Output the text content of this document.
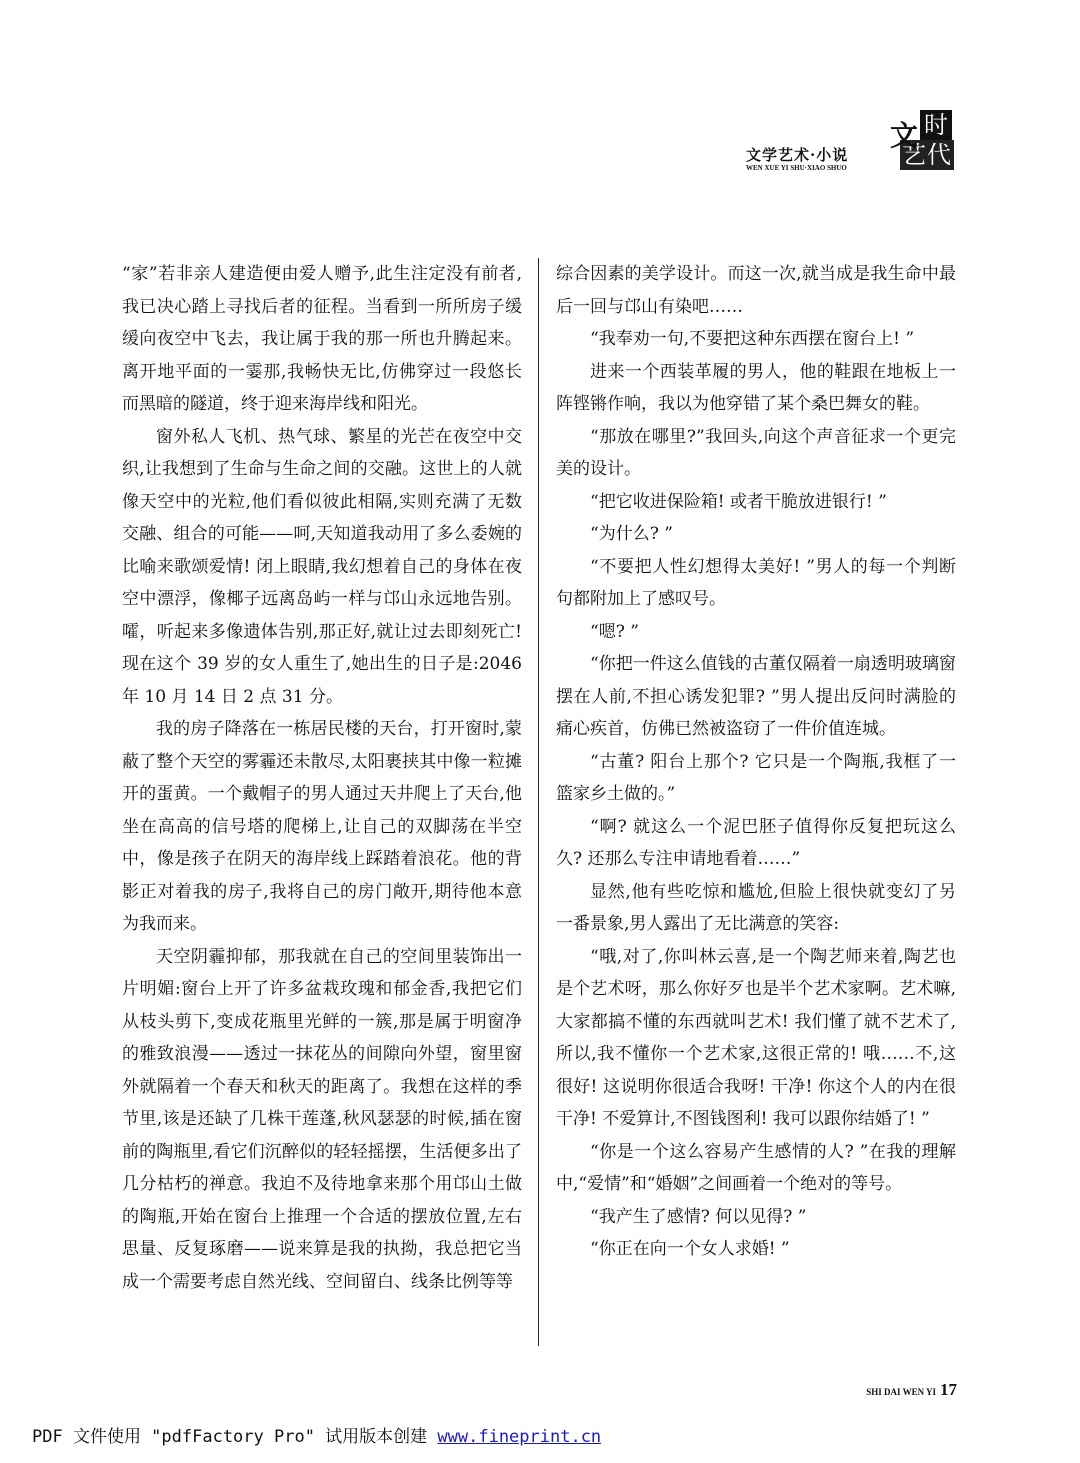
文学艺术·小说
WEN XUE YI SHU·XIAO SHUO
时
艺代
文

“家”若非亲人建造便由爱人赠予,此生注定没有前者,我已决心踏上寻找后者的征程。当看到一所所房子缓缓向夜空中飞去，我让属于我的那一所也升腾起来。离开地平面的一霎那,我畅快无比,仿佛穿过一段悠长而黑暗的隧道，终于迎来海岸线和阳光。

窗外私人飞机、热气球、繁星的光芒在夜空中交织,让我想到了生命与生命之间的交融。这世上的人就像天空中的光粒,他们看似彼此相隔,实则充满了无数交融、组合的可能——呵,天知道我动用了多么委婉的比喻来歌颂爱情! 闭上眼睛,我幻想着自己的身体在夜空中漂浮，像椰子远离岛屿一样与邙山永远地告别。嚯，听起来多像遗体告别,那正好,就让过去即刻死亡! 现在这个 39 岁的女人重生了,她出生的日子是:2046 年 10 月 14 日 2 点 31 分。

我的房子降落在一栋居民楼的天台，打开窗时,蒙蔽了整个天空的雾霾还未散尽,太阳裹挟其中像一粒摊开的蛋黄。一个戴帽子的男人通过天井爬上了天台,他坐在高高的信号塔的爬梯上,让自己的双脚荡在半空中，像是孩子在阴天的海岸线上踩踏着浪花。他的背影正对着我的房子,我将自己的房门敞开,期待他本意为我而来。

天空阴霾抑郁，那我就在自己的空间里装饰出一片明媚:窗台上开了许多盆栽玫瑰和郁金香,我把它们从枝头剪下,变成花瓶里光鲜的一簇,那是属于明窗净的雅致浪漫——透过一抹花丛的间隙向外望，窗里窗外就隔着一个春天和秋天的距离了。我想在这样的季节里,该是还缺了几株干莲蓬,秋风瑟瑟的时候,插在窗前的陶瓶里,看它们沉醉似的轻轻摇摆，生活便多出了几分枯朽的禅意。我迫不及待地拿来那个用邙山土做的陶瓶,开始在窗台上推理一个合适的摆放位置,左右思量、反复琢磨——说来算是我的执拗，我总把它当成一个需要考虑自然光线、空间留白、线条比例等等

综合因素的美学设计。而这一次,就当成是我生命中最后一回与邙山有染吧……

“我奉劝一句,不要把这种东西摆在窗台上! ”

进来一个西装革履的男人，他的鞋跟在地板上一阵铿锵作响，我以为他穿错了某个桑巴舞女的鞋。

“那放在哪里?”我回头,向这个声音征求一个更完美的设计。

“把它收进保险箱! 或者干脆放进银行! ”

“为什么? ”

“不要把人性幻想得太美好! ”男人的每一个判断句都附加上了感叹号。

“嗯? ”

“你把一件这么值钱的古董仅隔着一扇透明玻璃窗摆在人前,不担心诱发犯罪? ”男人提出反问时满脸的痛心疾首，仿佛已然被盗窃了一件价值连城。

“古董? 阳台上那个? 它只是一个陶瓶,我框了一篮家乡土做的。”

“啊? 就这么一个泥巴胚子值得你反复把玩这么久? 还那么专注申请地看着……”

显然,他有些吃惊和尴尬,但脸上很快就变幻了另一番景象,男人露出了无比满意的笑容:

“哦,对了,你叫林云喜,是一个陶艺师来着,陶艺也是个艺术呀，那么你好歹也是半个艺术家啊。艺术嘛,大家都搞不懂的东西就叫艺术! 我们懂了就不艺术了,所以,我不懂你一个艺术家,这很正常的! 哦……不,这很好! 这说明你很适合我呀! 干净! 你这个人的内在很干净! 不爱算计,不图钱图利! 我可以跟你结婚了! ”

“你是一个这么容易产生感情的人? ”在我的理解中,“爱情”和“婚姻”之间画着一个绝对的等号。

“我产生了感情? 何以见得? ”

“你正在向一个女人求婚! ”

SHI DAI WEN YI 17
PDF 文件使用 "pdfFactory Pro" 试用版本创建 www.fineprint.cn
